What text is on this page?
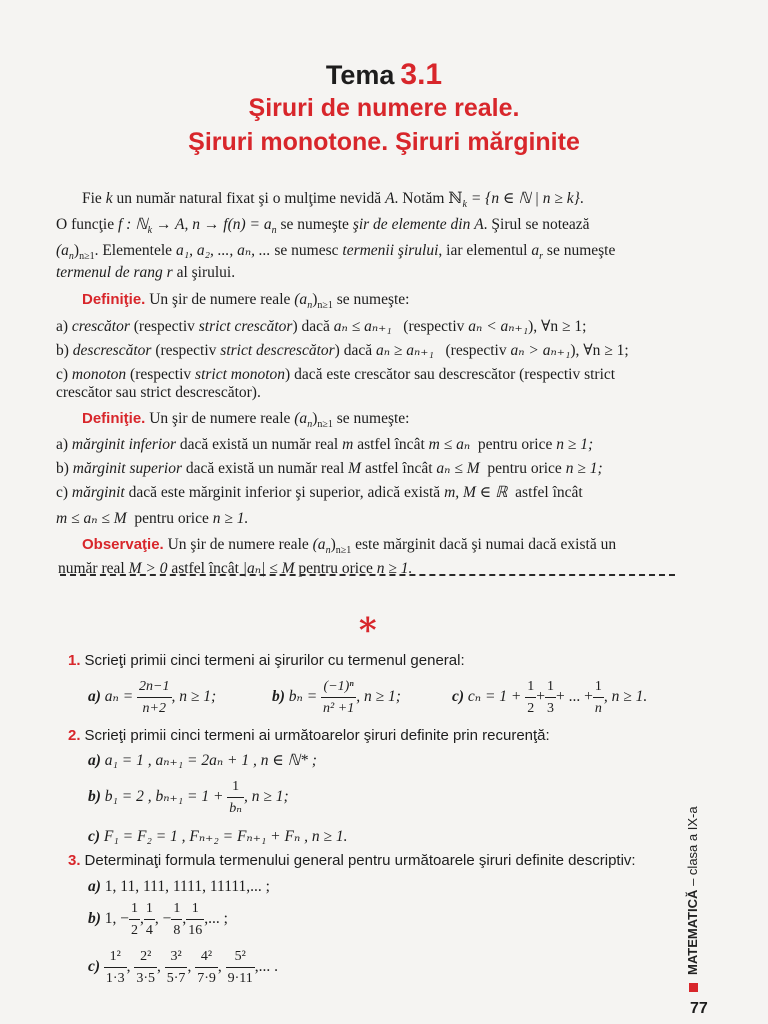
Tema 3.1
Şiruri de numere reale.
Şiruri monotone. Şiruri mărginite
Fie k un număr natural fixat şi o mulţime nevidă A. Notăm ℕ$_k$ = {n ∈ ℕ | n ≥ k}.
O funcţie f : ℕ$_k$ → A, $n \to f(n) = a_n$ se numeşte şir de elemente din A. Şirul se notează
$(a_n)_{n\ge 1}$. Elementele a₁, a₂, ..., aₙ, ... se numesc termenii şirului, iar elementul $a_r$ se numeşte
termenul de rang r al şirului.
Definiţie. Un şir de numere reale $(a_n)_{n\ge 1}$ se numeşte:
a) crescător (respectiv strict crescător) dacă aₙ ≤ aₙ₊₁ (respectiv aₙ < aₙ₊₁), ∀n ≥ 1;
b) descrescător (respectiv strict descrescător) dacă aₙ ≥ aₙ₊₁ (respectiv aₙ > aₙ₊₁), ∀n ≥ 1;
c) monoton (respectiv strict monoton) dacă este crescător sau descrescător (respectiv strict
crescător sau strict descrescător).
Definiţie. Un şir de numere reale $(a_n)_{n\ge 1}$ se numeşte:
a) mărginit inferior dacă există un număr real m astfel încât m ≤ aₙ pentru orice n ≥ 1;
b) mărginit superior dacă există un număr real M astfel încât aₙ ≤ M pentru orice n ≥ 1;
c) mărginit dacă este mărginit inferior şi superior, adică există m, M ∈ ℝ astfel încât
m ≤ aₙ ≤ M pentru orice n ≥ 1.
Observaţie. Un şir de numere reale $(a_n)_{n\ge 1}$ este mărginit dacă şi numai dacă există un
număr real M > 0 astfel încât |aₙ| ≤ M pentru orice n ≥ 1.
∗
1. Scrieţi primii cinci termeni ai şirurilor cu termenul general:
a) $a_n = \frac{2n-1}{n+2}$ , n ≥ 1;	b) $b_n = \frac{\text{(−1)ⁿ}}{\text{n² +1}}$ , n ≥ 1;	c) $c_n = 1 + \frac{1}{2} + \frac{1}{3}$ + ... + $\frac{1}{n}$ , n ≥ 1.
2. Scrieţi primii cinci termeni ai următoarelor şiruri definite prin recurenţă:
a) a₁ = 1 , aₙ₊₁ = 2aₙ + 1 , n ∈ ℕ* ;
b) b₁ = 2 , $b_{n+1} = 1 + \frac{1}{\text{bₙ}}$ , n ≥ 1;
c) F₁ = F₂ = 1 , Fₙ₊₂ = Fₙ₊₁ + Fₙ , n ≥ 1.
3. Determinaţi formula termenului general pentru următoarele şiruri definite descriptiv:
a) 1, 11, 111, 1111, 11111,... ;
b) 1, − $\frac{1}{2}$ , $\frac{1}{4}$ , − $\frac{1}{8}$ , $\frac{1}{16}$ ,... ;
$c) \frac{\text{1²}}{1\cdot 3}$ , $\frac{\text{2²}}{3\cdot 5}$ , $\frac{\text{3²}}{5\cdot 7}$ , $\frac{\text{4²}}{7\cdot 9}$ , $\frac{\text{5²}}{9\cdot 11}$ ,... .	MATEMATICĂ – clasa a IX-a
77
